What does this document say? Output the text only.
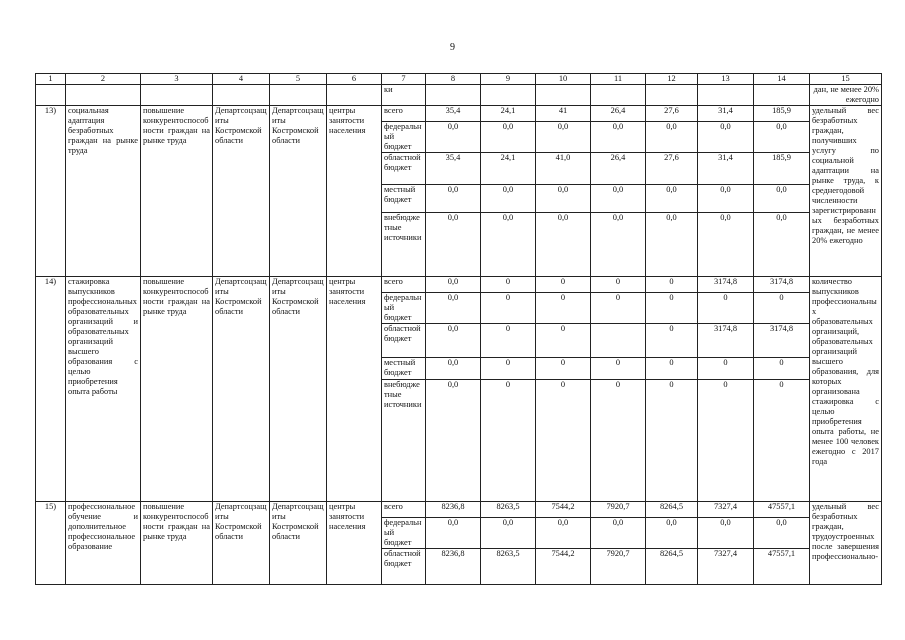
9
1	2	3	4	5	6	7	8	9	10	11	12	13	14	15
						ки								дан, не менее 20% ежегодно
13)	социальная адаптация безработных граждан на рынке труда	повышение конкурентоспособности граждан на рынке труда	Департсоцзащиты Костромской области	Департсоцзащиты Костромской области	центры занятости населения	всего	35,4	24,1	41	26,4	27,6	31,4	185,9	удельный вес безработных граждан, получивших услугу по социальной адаптации на рынке труда, к среднегодовой численности зарегистрированных безработных граждан, не менее 20% ежегодно
						федеральный бюджет	0,0	0,0	0,0	0,0	0,0	0,0	0,0	
						областной бюджет	35,4	24,1	41,0	26,4	27,6	31,4	185,9	
						местный бюджет	0,0	0,0	0,0	0,0	0,0	0,0	0,0	
						внебюджетные источники	0,0	0,0	0,0	0,0	0,0	0,0	0,0	
14)	стажировка выпускников профессиональных образовательных организаций и образовательных организаций высшего образования с целью приобретения опыта работы	повышение конкурентоспособности граждан на рынке труда	Департсоцзащиты Костромской области	Департсоцзащиты Костромской области	центры занятости населения	всего	0,0	0	0	0	0	3174,8	3174,8	количество выпускников профессиональных образовательных организаций, образовательных организаций высшего образования, для которых организована стажировка с целью приобретения опыта работы, не менее 100 человек ежегодно с 2017 года
						федеральный бюджет	0,0	0	0	0	0	0	0	
						областной бюджет	0,0	0	0		0	3174,8	3174,8	
						местный бюджет	0,0	0	0	0	0	0	0	
						внебюджетные источники	0,0	0	0	0	0	0	0	
15)	профессиональное обучение и дополнительное профессиональное образование	повышение конкурентоспособности граждан на рынке труда	Департсоцзащиты Костромской области	Департсоцзащиты Костромской области	центры занятости населения	всего	8236,8	8263,5	7544,2	7920,7	8264,5	7327,4	47557,1	удельный вес безработных граждан, трудоустроенных после завершения профессионально-
						федеральный бюджет	0,0	0,0	0,0	0,0	0,0	0,0	0,0	
						областной бюджет	8236,8	8263,5	7544,2	7920,7	8264,5	7327,4	47557,1	
